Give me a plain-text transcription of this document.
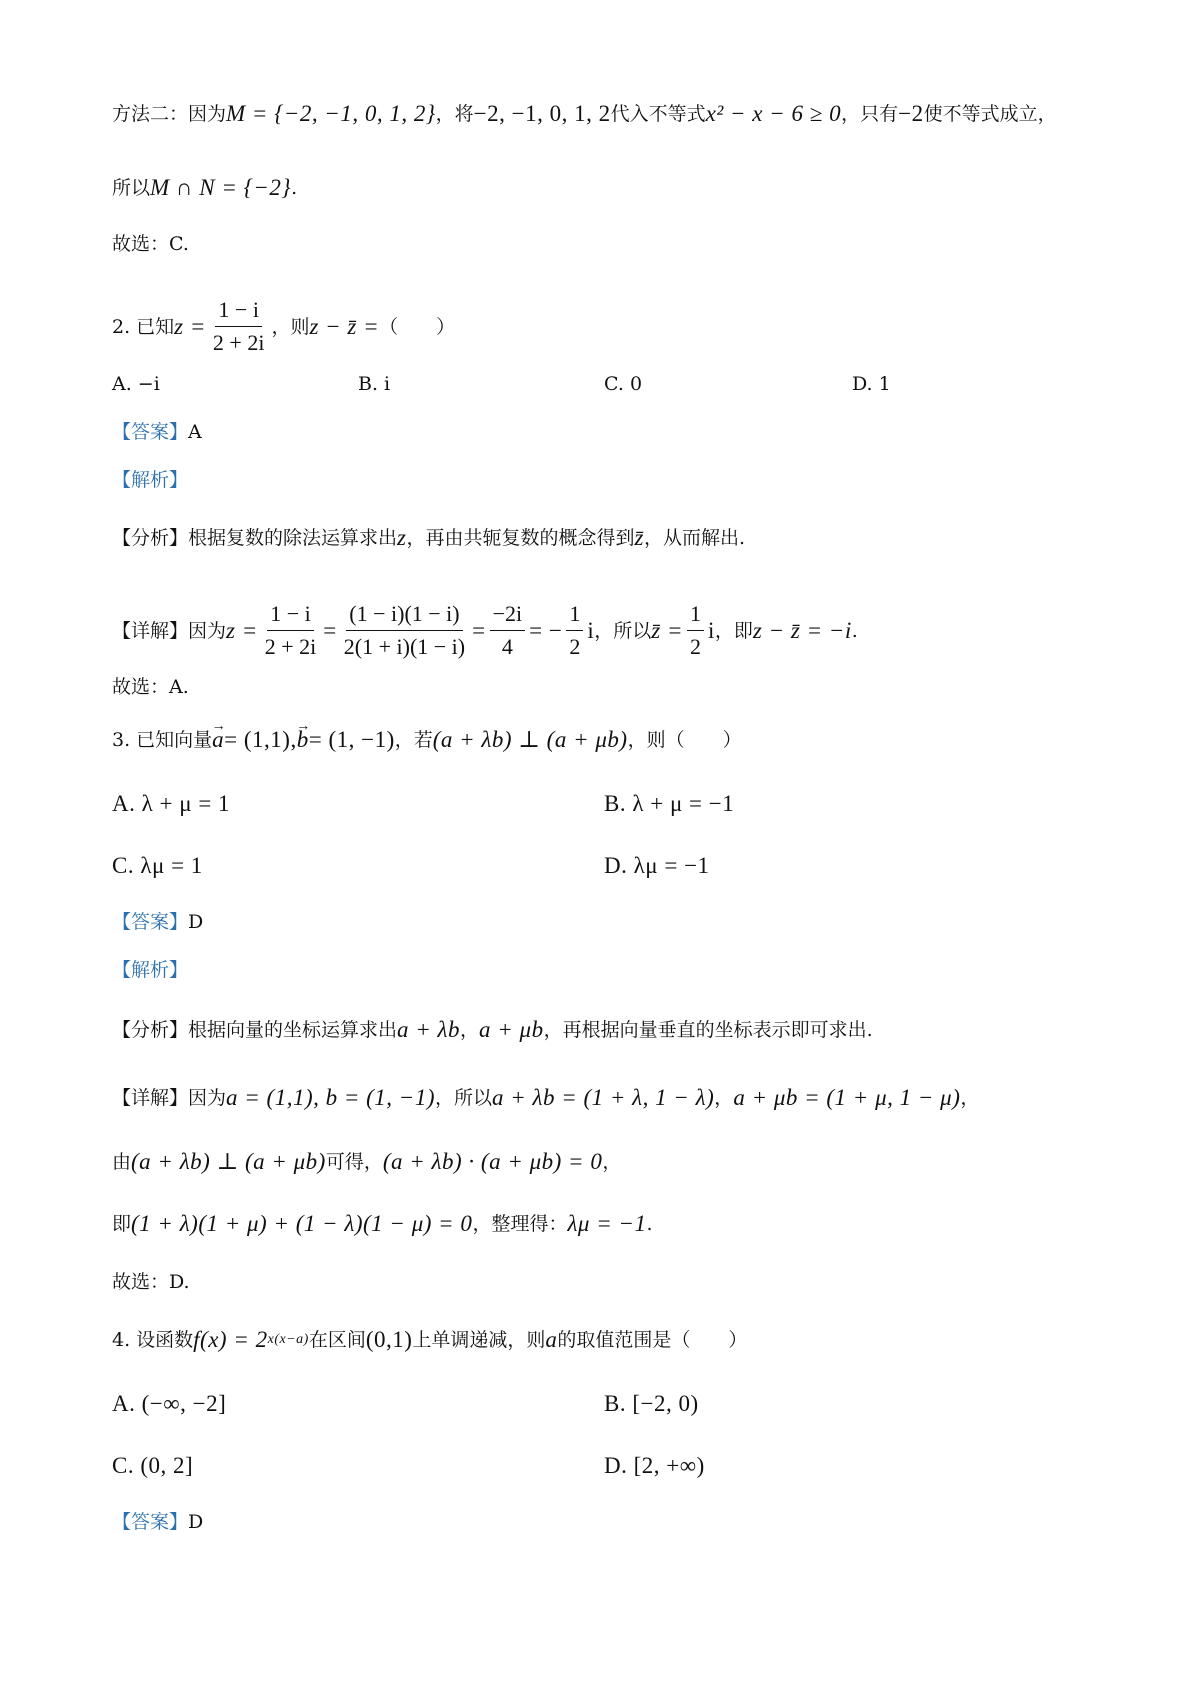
方法二：因为 M = {−2, −1, 0, 1, 2} ，将 −2, −1, 0, 1, 2 代入不等式 x² − x − 6 ≥ 0 ，只有 −2 使不等式成立，
所以 M ∩ N = {−2} .
故选：C.
2. 已知 $z = \frac{1 - i}{2 + 2i}$ ，则 z − z̄ = （　　）
A. −i	B. i	C. 0	D. 1
【答案】 A
【解析】
【分析】 根据复数的除法运算求出 z ，再由共轭复数的概念得到 z̄ ，从而解出.
【详解】 因为 $z = \frac{1 - i}{2 + 2i} = \frac{(1 - i)(1 - i)}{2(1 + i)(1 - i)} = \frac{-2i}{4}$ = − $\frac{1}{2}$ i ，所以 z̄ = $\frac{1}{2}$ i ，即 z − z̄ = −i .
故选：A.
3. 已知向量 → a = (1,1), → b = (1, −1) ，若 (a + λb) ⊥ (a + μb) ，则（　　）
A. λ + μ = 1	B. λ + μ = −1
C. λμ = 1	D. λμ = −1
【答案】 D
【解析】
【分析】 根据向量的坐标运算求出 a + λb ， a + μb ，再根据向量垂直的坐标表示即可求出.
【详解】 因为 a = (1,1), b = (1, −1) ，所以 a + λb = (1 + λ, 1 − λ) ， a + μb = (1 + μ, 1 − μ) ，
由 (a + λb) ⊥ (a + μb) 可得， (a + λb) · (a + μb) = 0 ，
即 (1 + λ)(1 + μ) + (1 − λ)(1 − μ) = 0 ，整理得： λμ = −1 .
故选：D.
4. 设函数 f(x) = 2 x(x−a) 在区间 (0,1) 上单调递减，则 a 的取值范围是（　　）
A. (−∞, −2]	B. [−2, 0)
C. (0, 2]	D. [2, +∞)
【答案】 D
